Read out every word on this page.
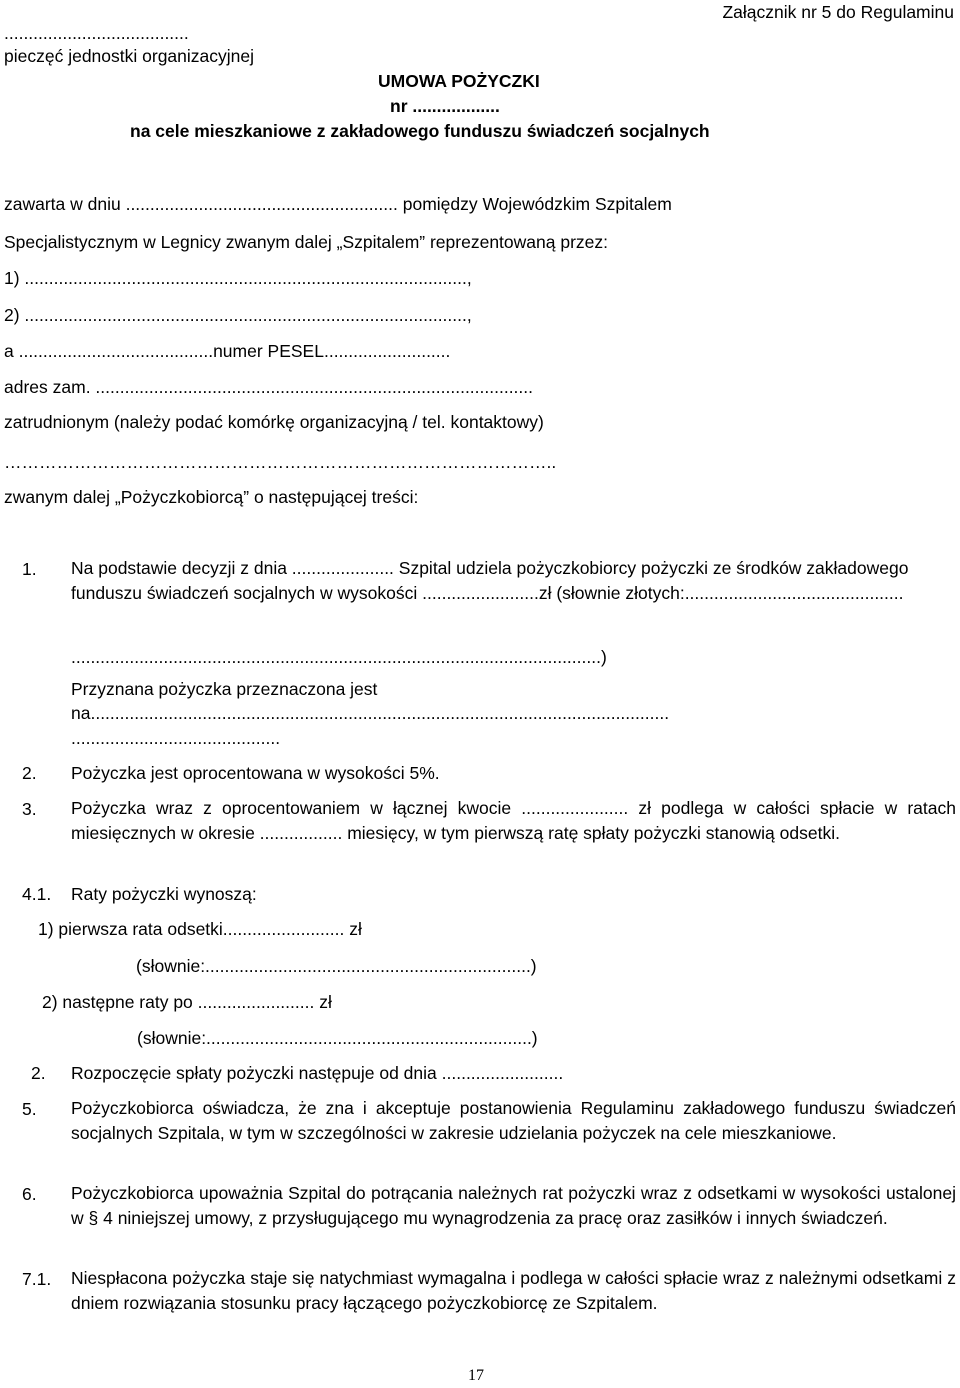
Załącznik nr 5 do Regulaminu
......................................
pieczęć jednostki organizacyjnej
UMOWA POŻYCZKI
nr ..................
na cele mieszkaniowe z zakładowego funduszu świadczeń socjalnych
zawarta w dniu ........................................................ pomiędzy Wojewódzkim Szpitalem
Specjalistycznym w Legnicy zwanym dalej „Szpitalem” reprezentowaną przez:
1) ...........................................................................................,
2) ...........................................................................................,
a ........................................numer PESEL..........................
adres zam. ..........................................................................................
zatrudnionym (należy podać komórkę organizacyjną / tel. kontaktowy)
…………………………………………………………………………………..
zwanym dalej „Pożyczkobiorcą” o następującej treści:
1. Na podstawie decyzji z dnia ..................... Szpital udziela pożyczkobiorcy pożyczki ze środków zakładowego funduszu świadczeń socjalnych w wysokości ........................zł (słownie złotych:.............................................
.............................................................................................................)
Przyznana pożyczka przeznaczona jest
na.......................................................................................................................
...........................................
2. Pożyczka jest oprocentowana w wysokości 5%.
3. Pożyczka wraz z oprocentowaniem w łącznej kwocie ...................... zł podlega w całości spłacie w ratach miesięcznych w okresie ................. miesięcy, w tym pierwszą ratę spłaty pożyczki stanowią odsetki.
4.1. Raty pożyczki wynoszą:
1) pierwsza rata odsetki......................... zł
(słownie:...................................................................)
2) następne raty po ........................ zł
(słownie:...................................................................)
2. Rozpoczęcie spłaty pożyczki następuje od dnia .........................
5. Pożyczkobiorca oświadcza, że zna i akceptuje postanowienia Regulaminu zakładowego funduszu świadczeń socjalnych Szpitala, w tym w szczególności w zakresie udzielania pożyczek na cele mieszkaniowe.
6. Pożyczkobiorca upoważnia Szpital do potrącania należnych rat pożyczki wraz z odsetkami w wysokości ustalonej w § 4 niniejszej umowy, z przysługującego mu wynagrodzenia za pracę oraz zasiłków i innych świadczeń.
7.1. Niespłacona pożyczka staje się natychmiast wymagalna i podlega w całości spłacie wraz z należnymi odsetkami z dniem rozwiązania stosunku pracy łączącego pożyczkobiorcę ze Szpitalem.
17
